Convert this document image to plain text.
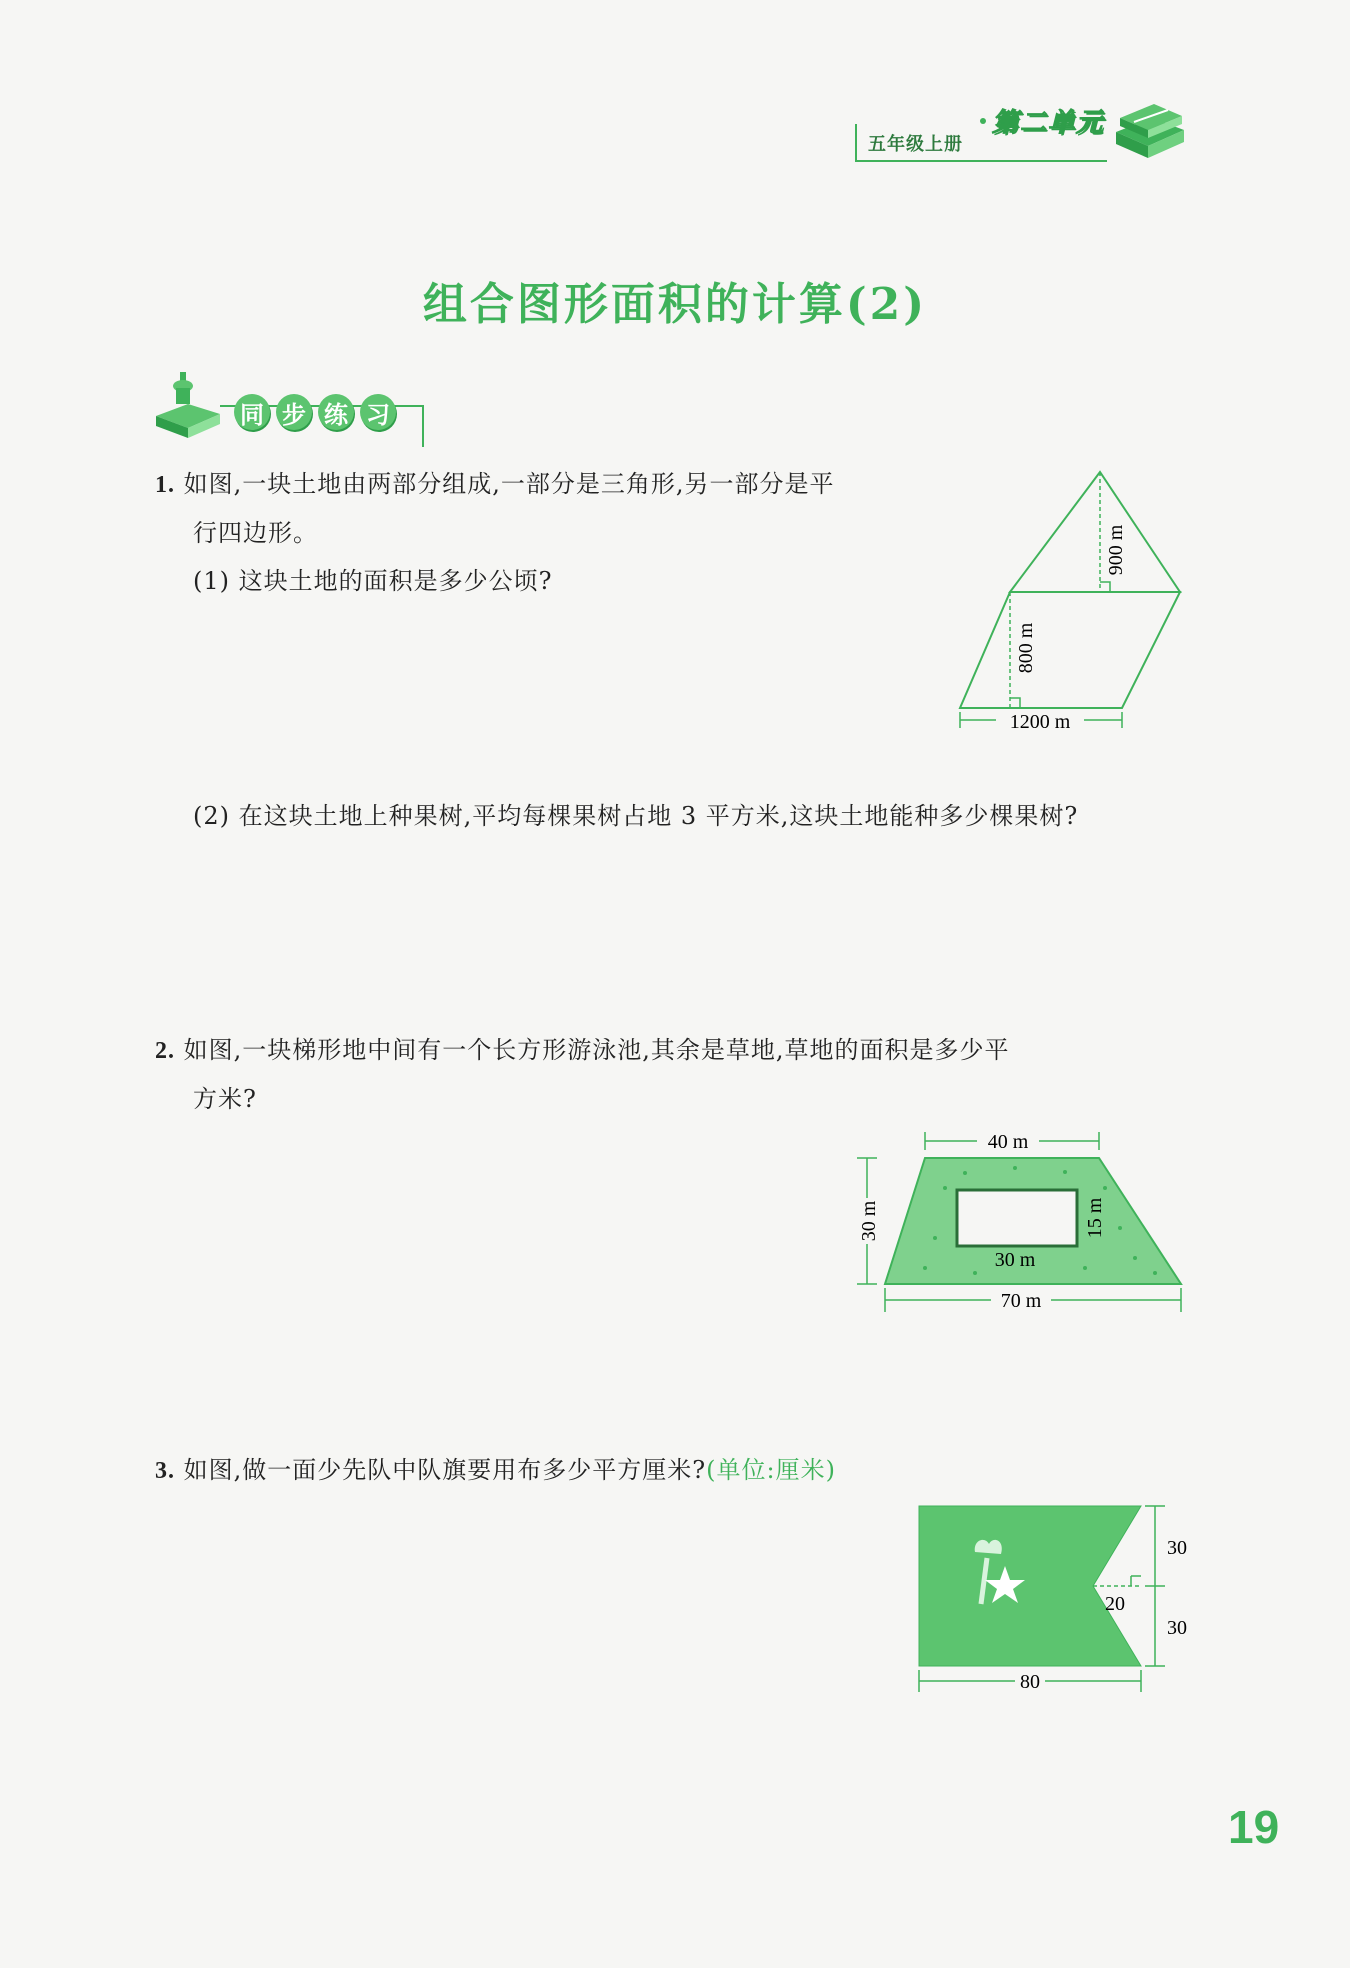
五年级上册
第二单元
组合图形面积的计算(2)
同 步 练 习
1. 如图,一块土地由两部分组成,一部分是三角形,另一部分是平
行四边形。
(1) 这块土地的面积是多少公顷?
900 m
800 m
1200 m
(2) 在这块土地上种果树,平均每棵果树占地 3 平方米,这块土地能种多少棵果树?
2. 如图,一块梯形地中间有一个长方形游泳池,其余是草地,草地的面积是多少平
方米?
40 m
15 m
30 m
30 m
70 m
3. 如图,做一面少先队中队旗要用布多少平方厘米?(单位:厘米)
20
30
30
80
19
